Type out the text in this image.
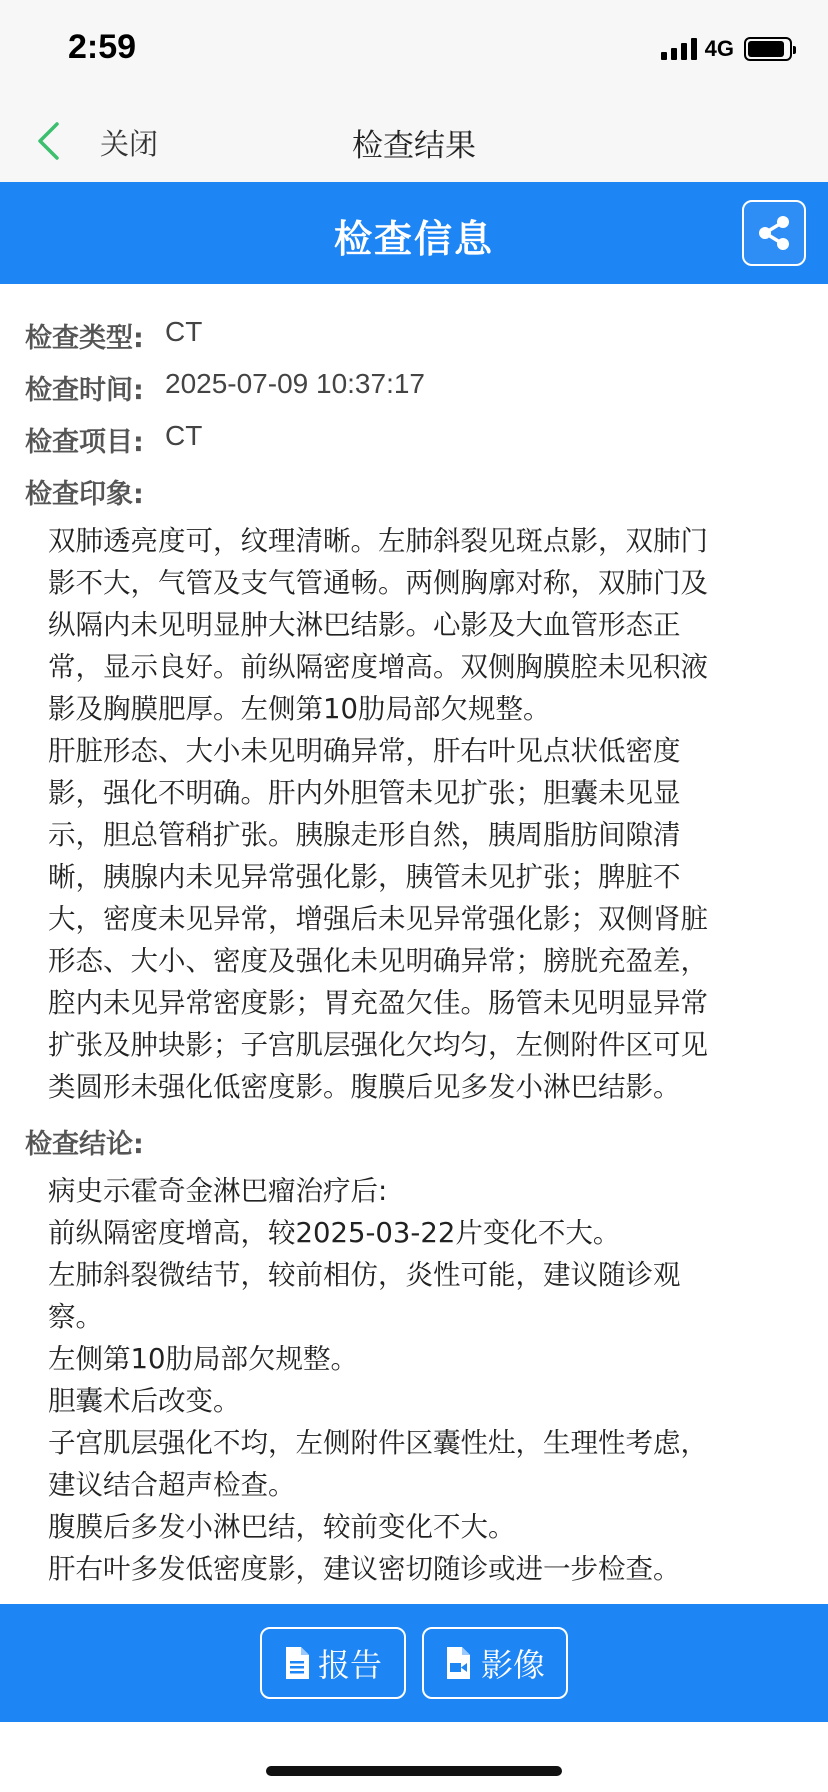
2:59	4G
关闭	检查结果
检查信息
检查类型: CT
检查时间: 2025-07-09 10:37:17
检查项目: CT
检查印象:
双肺透亮度可，纹理清晰。左肺斜裂见斑点影，双肺门
影不大，气管及支气管通畅。两侧胸廓对称，双肺门及
纵隔内未见明显肿大淋巴结影。心影及大血管形态正
常，显示良好。前纵隔密度增高。双侧胸膜腔未见积液
影及胸膜肥厚。左侧第10肋局部欠规整。
肝脏形态、大小未见明确异常，肝右叶见点状低密度
影，强化不明确。肝内外胆管未见扩张；胆囊未见显
示，胆总管稍扩张。胰腺走形自然，胰周脂肪间隙清
晰，胰腺内未见异常强化影，胰管未见扩张；脾脏不
大，密度未见异常，增强后未见异常强化影；双侧肾脏
形态、大小、密度及强化未见明确异常；膀胱充盈差，
腔内未见异常密度影；胃充盈欠佳。肠管未见明显异常
扩张及肿块影；子宫肌层强化欠均匀，左侧附件区可见
类圆形未强化低密度影。腹膜后见多发小淋巴结影。
检查结论:
病史示霍奇金淋巴瘤治疗后:
前纵隔密度增高，较2025-03-22片变化不大。
左肺斜裂微结节，较前相仿，炎性可能，建议随诊观
察。
左侧第10肋局部欠规整。
胆囊术后改变。
子宫肌层强化不均，左侧附件区囊性灶，生理性考虑，
建议结合超声检查。
腹膜后多发小淋巴结，较前变化不大。
肝右叶多发低密度影，建议密切随诊或进一步检查。
报告	影像
